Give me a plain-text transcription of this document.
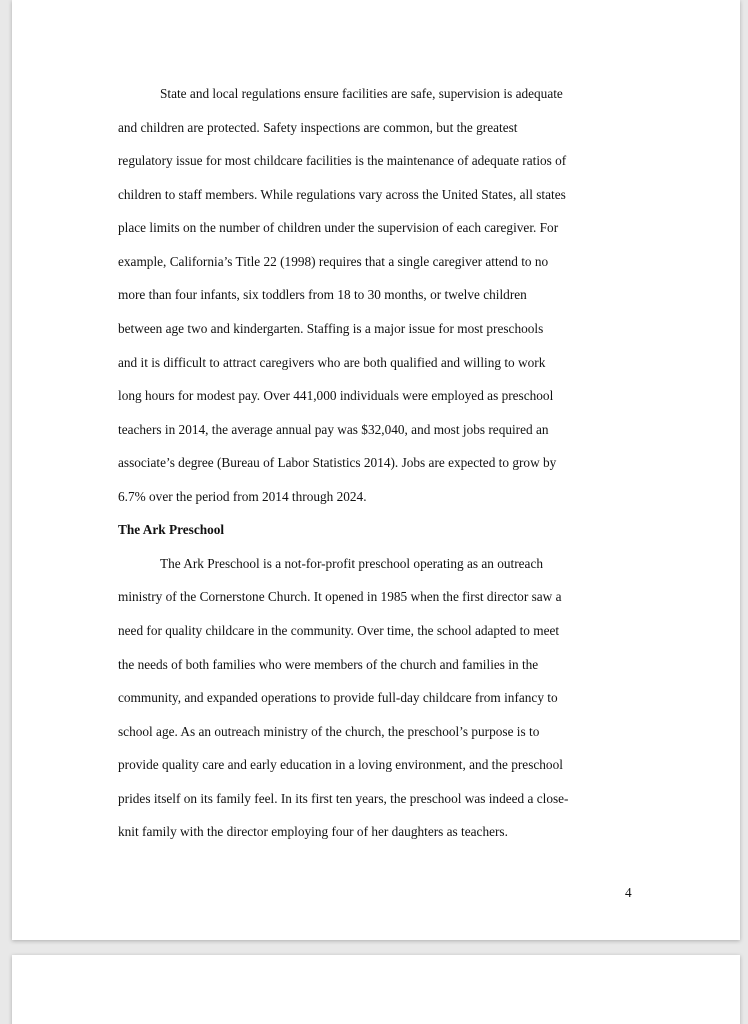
State and local regulations ensure facilities are safe, supervision is adequate
and children are protected. Safety inspections are common, but the greatest
regulatory issue for most childcare facilities is the maintenance of adequate ratios of
children to staff members. While regulations vary across the United States, all states
place limits on the number of children under the supervision of each caregiver. For
example, California’s Title 22 (1998) requires that a single caregiver attend to no
more than four infants, six toddlers from 18 to 30 months, or twelve children
between age two and kindergarten. Staffing is a major issue for most preschools
and it is difficult to attract caregivers who are both qualified and willing to work
long hours for modest pay. Over 441,000 individuals were employed as preschool
teachers in 2014, the average annual pay was $32,040, and most jobs required an
associate’s degree (Bureau of Labor Statistics 2014). Jobs are expected to grow by
6.7% over the period from 2014 through 2024.
The Ark Preschool
The Ark Preschool is a not-for-profit preschool operating as an outreach
ministry of the Cornerstone Church. It opened in 1985 when the first director saw a
need for quality childcare in the community. Over time, the school adapted to meet
the needs of both families who were members of the church and families in the
community, and expanded operations to provide full-day childcare from infancy to
school age. As an outreach ministry of the church, the preschool’s purpose is to
provide quality care and early education in a loving environment, and the preschool
prides itself on its family feel. In its first ten years, the preschool was indeed a close-
knit family with the director employing four of her daughters as teachers.
4
